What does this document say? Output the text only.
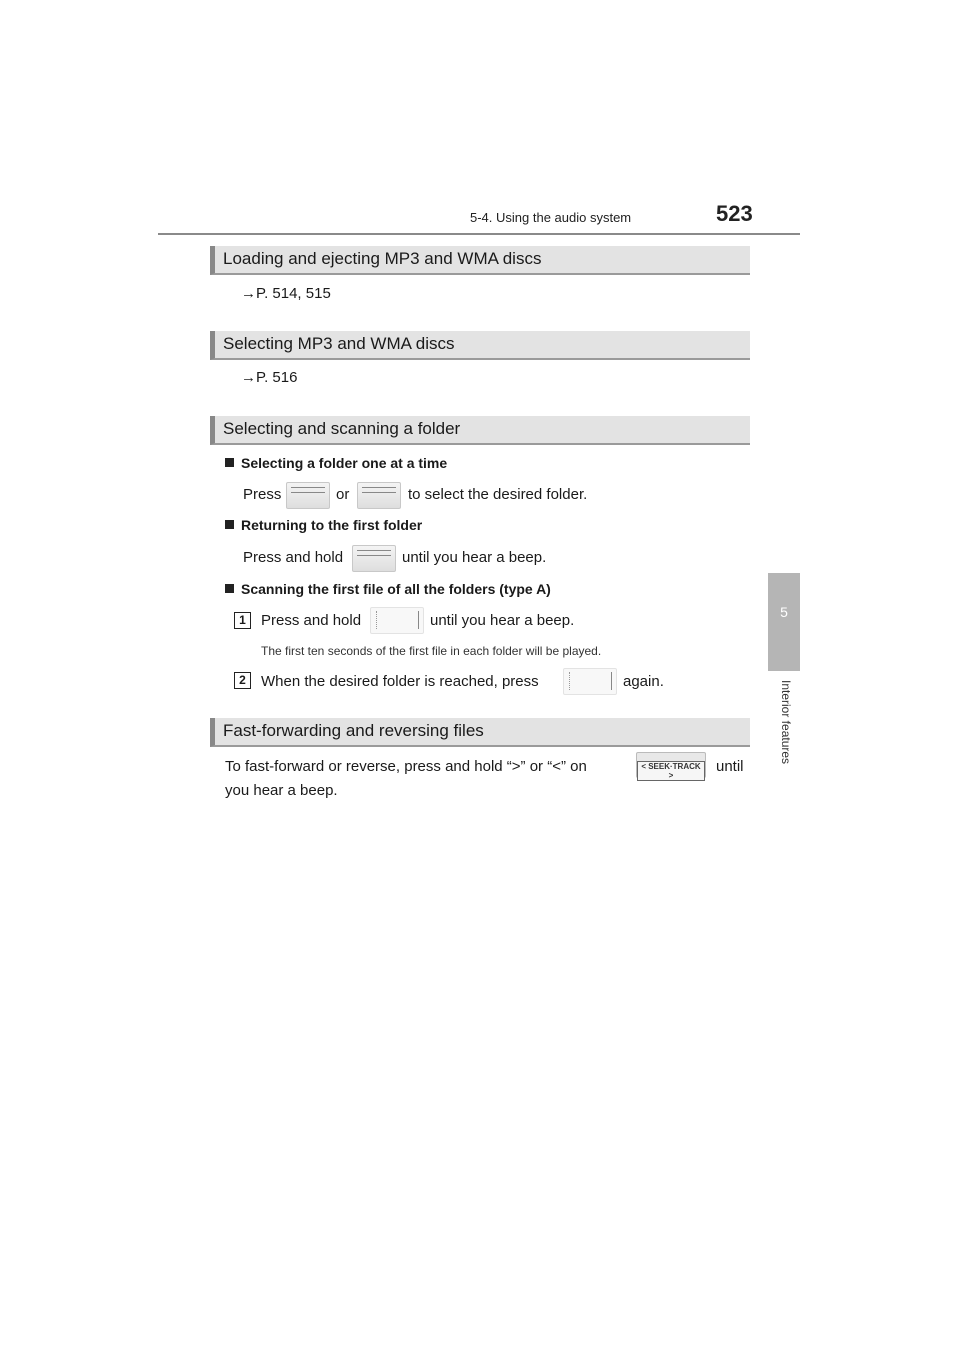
5-4. Using the audio system	523
5
Interior features
Loading and ejecting MP3 and WMA discs
→P. 514, 515
Selecting MP3 and WMA discs
→P. 516
Selecting and scanning a folder
Selecting a folder one at a time
Press	or	to select the desired folder.
Returning to the first folder
Press and hold	until you hear a beep.
Scanning the first file of all the folders (type A)
1	Press and hold	until you hear a beep.
The first ten seconds of the first file in each folder will be played.
2	When the desired folder is reached, press	again.
Fast-forwarding and reversing files
To fast-forward or reverse, press and hold “>” or “<” on	< SEEK·TRACK >
until
you hear a beep.
